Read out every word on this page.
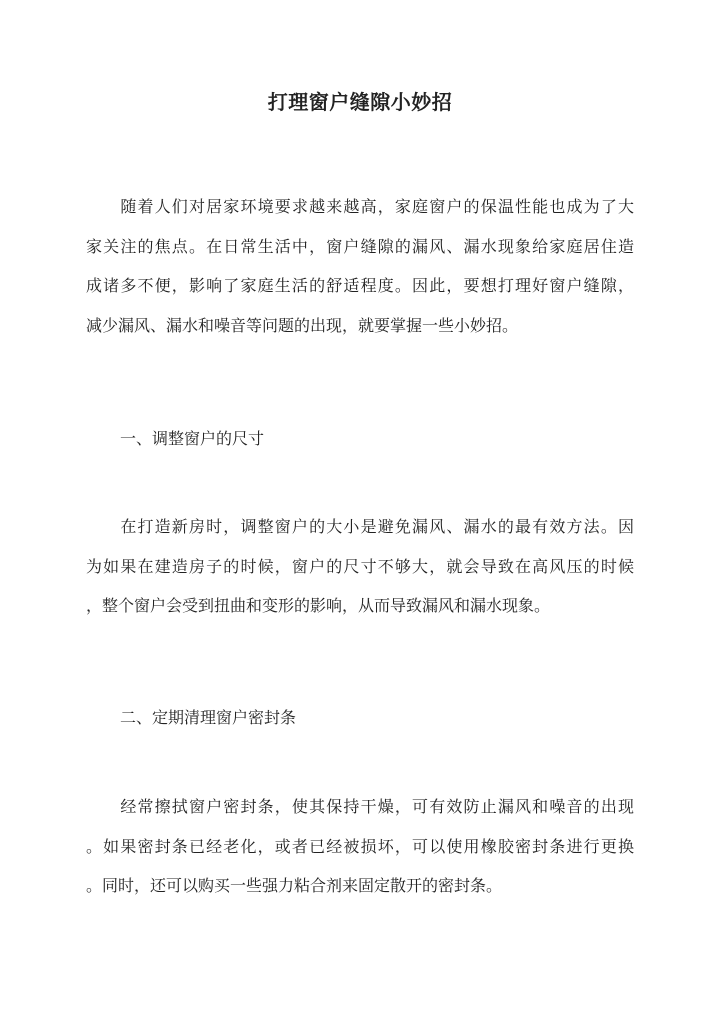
打理窗户缝隙小妙招
　　随着人们对居家环境要求越来越高，家庭窗户的保温性能也成为了大
家关注的焦点。在日常生活中，窗户缝隙的漏风、漏水现象给家庭居住造
成诸多不便，影响了家庭生活的舒适程度。因此，要想打理好窗户缝隙，
减少漏风、漏水和噪音等问题的出现，就要掌握一些小妙招。
一、调整窗户的尺寸
　　在打造新房时，调整窗户的大小是避免漏风、漏水的最有效方法。因
为如果在建造房子的时候，窗户的尺寸不够大，就会导致在高风压的时候
，整个窗户会受到扭曲和变形的影响，从而导致漏风和漏水现象。
二、定期清理窗户密封条
　　经常擦拭窗户密封条，使其保持干燥，可有效防止漏风和噪音的出现
。如果密封条已经老化，或者已经被损坏，可以使用橡胶密封条进行更换
。同时，还可以购买一些强力粘合剂来固定散开的密封条。
